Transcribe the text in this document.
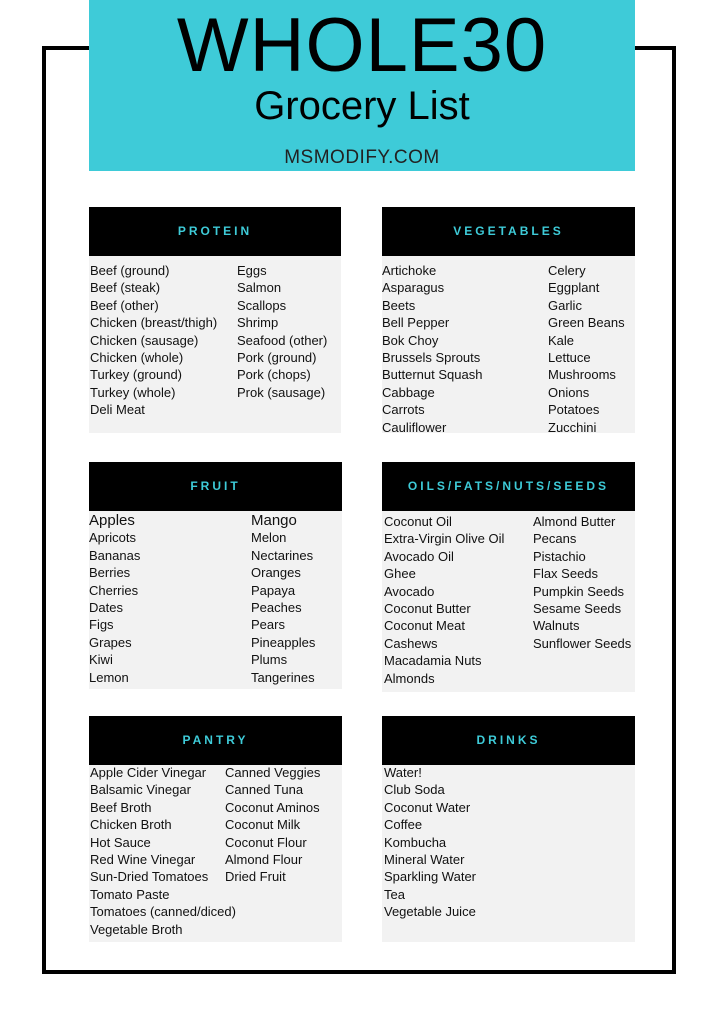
WHOLE30
Grocery List
MSMODIFY.COM
PROTEIN
Beef (ground)
Beef (steak)
Beef (other)
Chicken (breast/thigh)
Chicken (sausage)
Chicken (whole)
Turkey (ground)
Turkey (whole)
Deli Meat
Eggs
Salmon
Scallops
Shrimp
Seafood (other)
Pork (ground)
Pork (chops)
Prok (sausage)
VEGETABLES
Artichoke
Asparagus
Beets
Bell Pepper
Bok Choy
Brussels Sprouts
Butternut Squash
Cabbage
Carrots
Cauliflower
Celery
Eggplant
Garlic
Green Beans
Kale
Lettuce
Mushrooms
Onions
Potatoes
Zucchini
FRUIT
Apples
Apricots
Bananas
Berries
Cherries
Dates
Figs
Grapes
Kiwi
Lemon
Mango
Melon
Nectarines
Oranges
Papaya
Peaches
Pears
Pineapples
Plums
Tangerines
OILS/FATS/NUTS/SEEDS
Coconut Oil
Extra-Virgin Olive Oil
Avocado Oil
Ghee
Avocado
Coconut Butter
Coconut Meat
Cashews
Macadamia Nuts
Almonds
Almond Butter
Pecans
Pistachio
Flax Seeds
Pumpkin Seeds
Sesame Seeds
Walnuts
Sunflower Seeds
PANTRY
Apple Cider Vinegar
Balsamic Vinegar
Beef Broth
Chicken Broth
Hot Sauce
Red Wine Vinegar
Sun-Dried Tomatoes
Tomato Paste
Tomatoes (canned/diced)
Vegetable Broth
Canned Veggies
Canned Tuna
Coconut Aminos
Coconut Milk
Coconut Flour
Almond Flour
Dried Fruit
DRINKS
Water!
Club Soda
Coconut Water
Coffee
Kombucha
Mineral Water
Sparkling Water
Tea
Vegetable Juice
